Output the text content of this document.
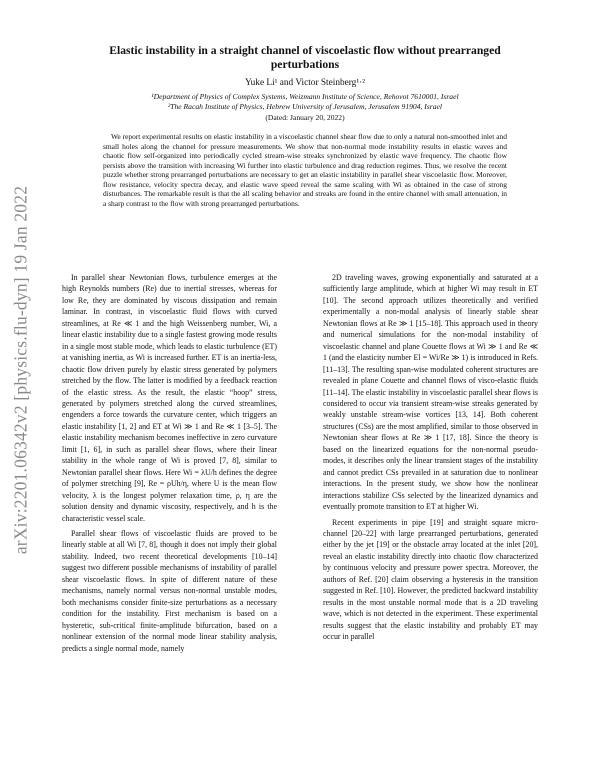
arXiv:2201.06342v2 [physics.flu-dyn] 19 Jan 2022
Elastic instability in a straight channel of viscoelastic flow without prearranged perturbations
Yuke Li¹ and Victor Steinberg¹·²
¹Department of Physics of Complex Systems, Weizmann Institute of Science, Rehovot 7610001, Israel
²The Racah Institute of Physics, Hebrew University of Jerusalem, Jerusalem 91904, Israel
(Dated: January 20, 2022)
We report experimental results on elastic instability in a viscoelastic channel shear flow due to only a natural non-smoothed inlet and small holes along the channel for pressure measurements. We show that non-normal mode instability results in elastic waves and chaotic flow self-organized into periodically cycled stream-wise streaks synchronized by elastic wave frequency. The chaotic flow persists above the transition with increasing Wi further into elastic turbulence and drag reduction regimes. Thus, we resolve the recent puzzle whether strong prearranged perturbations are necessary to get an elastic instability in parallel shear viscoelastic flow. Moreover, flow resistance, velocity spectra decay, and elastic wave speed reveal the same scaling with Wi as obtained in the case of strong disturbances. The remarkable result is that the all scaling behavior and streaks are found in the entire channel with small attenuation, in a sharp contrast to the flow with strong prearranged perturbations.

In parallel shear Newtonian flows, turbulence emerges at the high Reynolds numbers (Re) due to inertial stresses, whereas for low Re, they are dominated by viscous dissipation and remain laminar. In contrast, in viscoelastic fluid flows with curved streamlines, at Re ≪ 1 and the high Weissenberg number, Wi, a linear elastic instability due to a single fastest growing mode results in a single most stable mode, which leads to elastic turbulence (ET) at vanishing inertia, as Wi is increased further. ET is an inertia-less, chaotic flow driven purely by elastic stress generated by polymers stretched by the flow. The latter is modified by a feedback reaction of the elastic stress. As the result, the elastic “hoop” stress, generated by polymers stretched along the curved streamlines, engenders a force towards the curvature center, which triggers an elastic instability [1, 2] and ET at Wi ≫ 1 and Re ≪ 1 [3–5]. The elastic instability mechanism becomes ineffective in zero curvature limit [1, 6], in such as parallel shear flows, where their linear stability in the whole range of Wi is proved [7, 8], similar to Newtonian parallel shear flows. Here Wi = λU/h defines the degree of polymer stretching [9], Re = ρUh/η, where U is the mean flow velocity, λ is the longest polymer relaxation time, ρ, η are the solution density and dynamic viscosity, respectively, and h is the characteristic vessel scale.

Parallel shear flows of viscoelastic fluids are proved to be linearly stable at all Wi [7, 8], though it does not imply their global stability. Indeed, two recent theoretical developments [10–14] suggest two different possible mechanisms of instability of parallel shear viscoelastic flows. In spite of different nature of these mechanisms, namely normal versus non-normal unstable modes, both mechanisms consider finite-size perturbations as a necessary condition for the instability. First mechanism is based on a hysteretic, sub-critical finite-amplitude bifurcation, based on a nonlinear extension of the normal mode linear stability analysis, predicts a single normal mode, namely

2D traveling waves, growing exponentially and saturated at a sufficiently large amplitude, which at higher Wi may result in ET [10]. The second approach utilizes theoretically and verified experimentally a non-modal analysis of linearly stable shear Newtonian flows at Re ≫ 1 [15–18]. This approach used in theory and numerical simulations for the non-modal instability of viscoelastic channel and plane Couette flows at Wi ≫ 1 and Re ≪ 1 (and the elasticity number El = Wi/Re ≫ 1) is introduced in Refs. [11–13]. The resulting span-wise modulated coherent structures are revealed in plane Couette and channel flows of visco-elastic fluids [11–14]. The elastic instability in viscoelastic parallel shear flows is considered to occur via transient stream-wise streaks generated by weakly unstable stream-wise vortices [13, 14]. Both coherent structures (CSs) are the most amplified, similar to those observed in Newtonian shear flows at Re ≫ 1 [17, 18]. Since the theory is based on the linearized equations for the non-normal pseudo-modes, it describes only the linear transient stages of the instability and cannot predict CSs prevailed in at saturation due to nonlinear interactions. In the present study, we show how the nonlinear interactions stabilize CSs selected by the linearized dynamics and eventually promote transition to ET at higher Wi.

Recent experiments in pipe [19] and straight square micro-channel [20–22] with large prearranged perturbations, generated either by the jet [19] or the obstacle array located at the inlet [20], reveal an elastic instability directly into chaotic flow characterized by continuous velocity and pressure power spectra. Moreover, the authors of Ref. [20] claim observing a hysteresis in the transition suggested in Ref. [10]. However, the predicted backward instability results in the most unstable normal mode that is a 2D traveling wave, which is not detected in the experiment. These experimental results suggest that the elastic instability and probably ET may occur in parallel
